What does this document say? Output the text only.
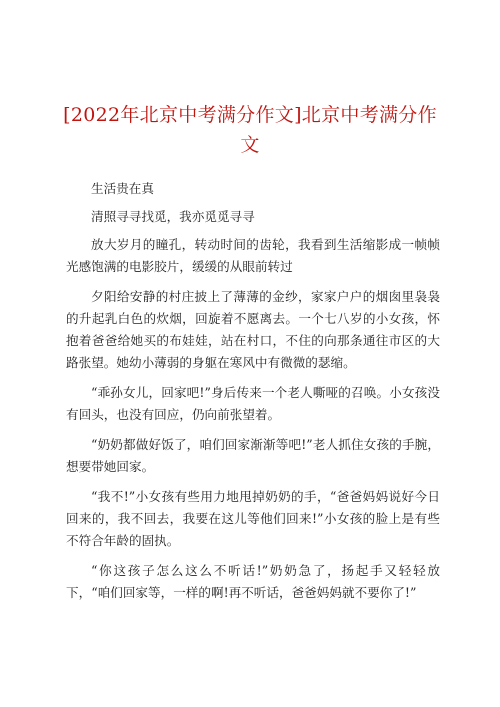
[2022年北京中考满分作文]北京中考满分作文

生活贵在真

清照寻寻找觅，我亦觅觅寻寻

放大岁月的瞳孔，转动时间的齿轮，我看到生活缩影成一帧帧光感饱满的电影胶片，缓缓的从眼前转过

夕阳给安静的村庄披上了薄薄的金纱，家家户户的烟囱里袅袅的升起乳白色的炊烟，回旋着不愿离去。一个七八岁的小女孩，怀抱着爸爸给她买的布娃娃，站在村口，不住的向那条通往市区的大路张望。她幼小薄弱的身躯在寒风中有微微的瑟缩。

“乖孙女儿，回家吧!”身后传来一个老人嘶哑的召唤。小女孩没有回头，也没有回应，仍向前张望着。

“奶奶都做好饭了，咱们回家渐渐等吧!”老人抓住女孩的手腕，想要带她回家。

“我不!”小女孩有些用力地甩掉奶奶的手，“爸爸妈妈说好今日回来的，我不回去，我要在这儿等他们回来!”小女孩的脸上是有些不符合年龄的固执。

“你这孩子怎么这么不听话!”奶奶急了，扬起手又轻轻放下，“咱们回家等，一样的啊!再不听话，爸爸妈妈就不要你了!”
